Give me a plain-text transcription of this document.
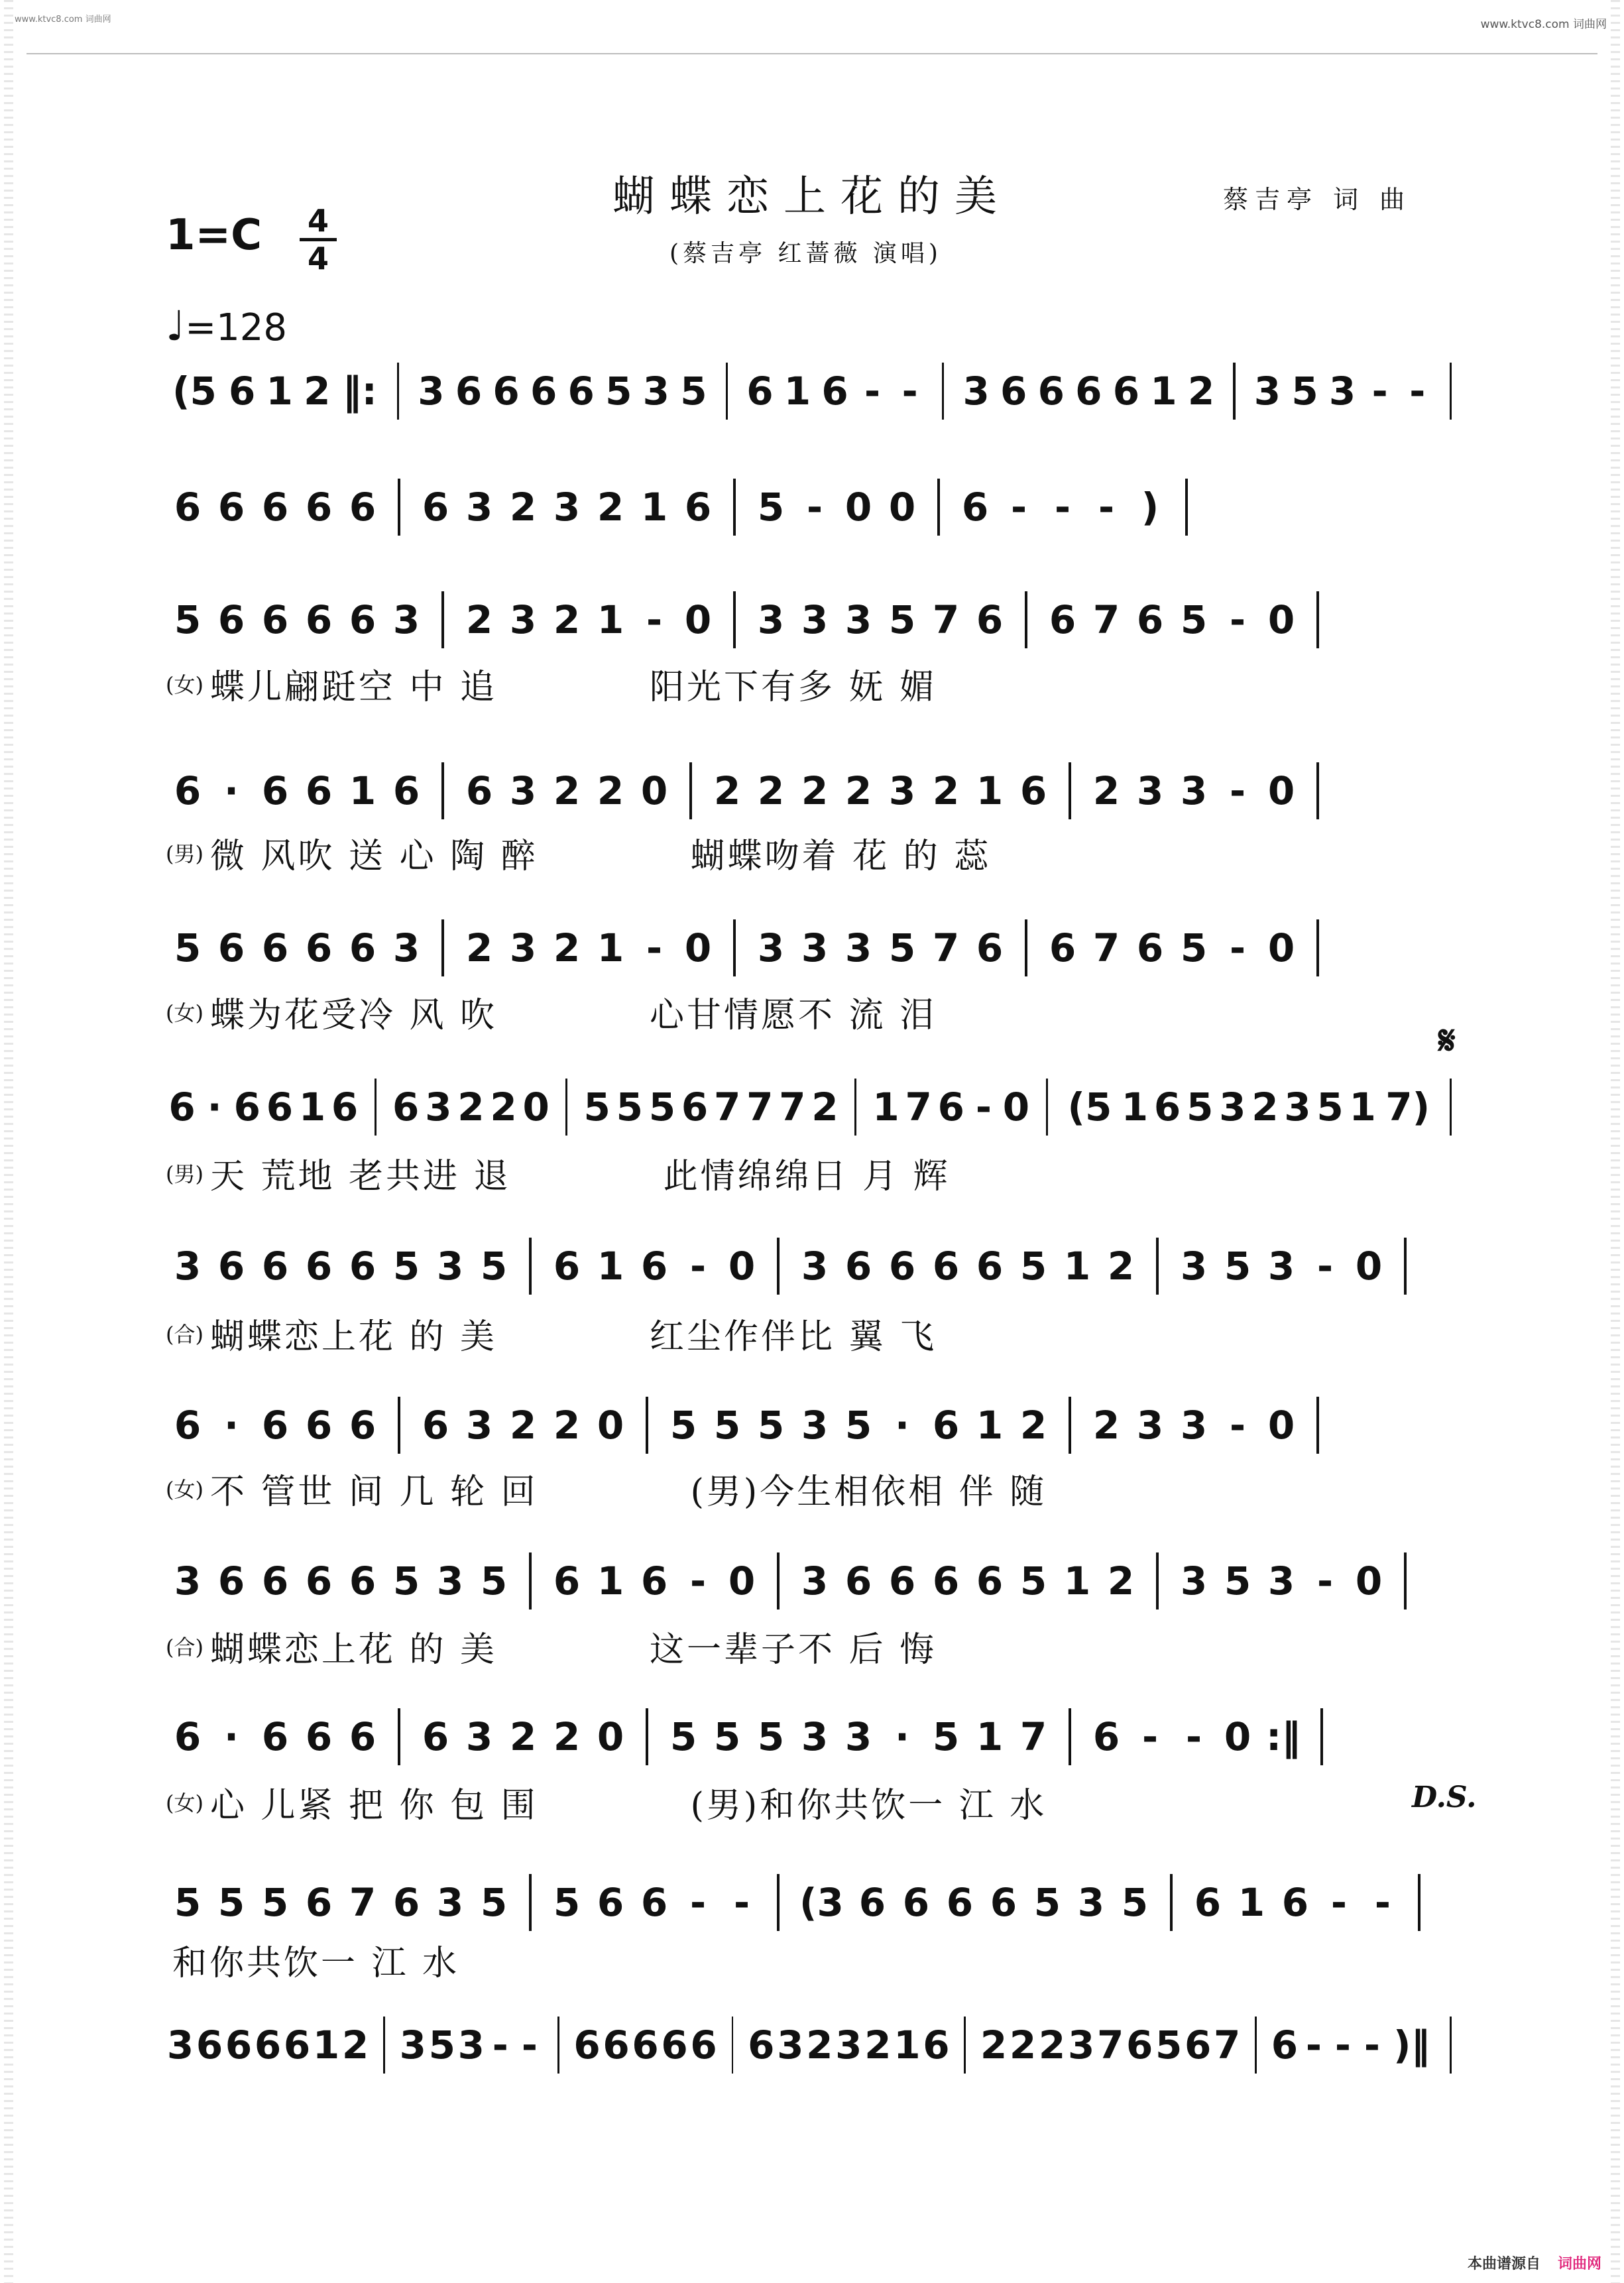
www.ktvc8.com 词曲网	www.ktvc8.com 词曲网
蝴蝶恋上花的美	蔡吉亭 词 曲
(蔡吉亭 红蔷薇 演唱)
1=C 4
4
♩=128
(5 6 1 2 ‖: 3 6 6 6 6 5 3 5 6 1 6 - - 3 6 6 6 6 1 2 3 5 3 - -
6 6 6 6 6 6 3 2 3 2 1 6 5 - 0 0 6 - - - )
5 6 6 6 6 3 2 3 2 1 - 0 3 3 3 5 7 6 6 7 6 5 - 0
6 · 6 6 1 6 6 3 2 2 0 2 2 2 2 3 2 1 6 2 3 3 - 0
5 6 6 6 6 3 2 3 2 1 - 0 3 3 3 5 7 6 6 7 6 5 - 0
6 · 6 6 1 6 6 3 2 2 0 5 5 5 6 7 7 7 2 1 7 6 - 0 (5 1 6 5 3 2 3 5 1 7)
3 6 6 6 6 5 3 5 6 1 6 - 0 3 6 6 6 6 5 1 2 3 5 3 - 0
6 · 6 6 6 6 3 2 2 0 5 5 5 3 5 · 6 1 2 2 3 3 - 0
3 6 6 6 6 5 3 5 6 1 6 - 0 3 6 6 6 6 5 1 2 3 5 3 - 0
6 · 6 6 6 6 3 2 2 0 5 5 5 3 3 · 5 1 7 6 - - 0 :‖
5 5 5 6 7 6 3 5 5 6 6 - -	(3 6 6 6 6 5 3 5 6 1 6 - -
3 6 6 6 6 1 2 3 5 3 - - 6 6 6 6 6 6 3 2 3 2 1 6 2 2 2 3 7 6 5 6 7 6 - - - )‖
(女) 蝶儿翩跹空 中 追	阳光下有多 妩 媚
(男) 微 风吹 送 心 陶 醉	蝴蝶吻着 花 的 蕊
(女) 蝶为花受冷 风 吹	心甘情愿不 流 泪
(男) 天 荒地 老共进 退	此情绵绵日 月 辉
(合) 蝴蝶恋上花 的 美	红尘作伴比 翼 飞
(女) 不 管世 间 几 轮 回	(男)今生相依相 伴 随
(合) 蝴蝶恋上花 的 美	这一辈子不 后 悔
(女) 心 儿紧 把 你 包 围	(男)和你共饮一 江 水
和你共饮一 江 水
𝄋
D.S.
本曲谱源自 词曲网
